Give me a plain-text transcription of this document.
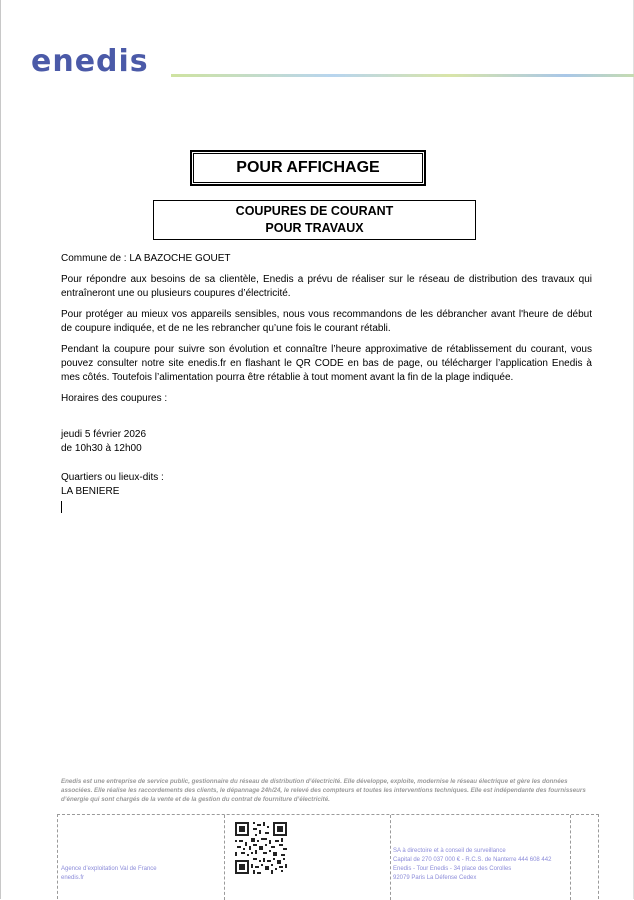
enedis
POUR AFFICHAGE
COUPURES DE COURANT
POUR TRAVAUX

Commune de : LA BAZOCHE GOUET

Pour répondre aux besoins de sa clientèle, Enedis a prévu de réaliser sur le réseau de distribution des travaux qui entraîneront une ou plusieurs coupures d’électricité.

Pour protéger au mieux vos appareils sensibles, nous vous recommandons de les débrancher avant l'heure de début de coupure indiquée, et de ne les rebrancher qu’une fois le courant rétabli.

Pendant la coupure pour suivre son évolution et connaître l’heure approximative de rétablissement du courant, vous pouvez consulter notre site enedis.fr en flashant le QR CODE en bas de page, ou télécharger l’application Enedis à mes côtés. Toutefois l’alimentation pourra être rétablie à tout moment avant la fin de la plage indiquée.

Horaires des coupures :

jeudi 5 février 2026

de 10h30 à 12h00

Quartiers ou lieux-dits :

LA BENIERE

Enedis est une entreprise de service public, gestionnaire du réseau de distribution d’électricité. Elle développe, exploite, modernise le réseau électrique et gère les données associées. Elle réalise les raccordements des clients, le dépannage 24h/24, le relevé des compteurs et toutes les interventions techniques. Elle est indépendante des fournisseurs d’énergie qui sont chargés de la vente et de la gestion du contrat de fourniture d’électricité.
Agence d’exploitation Val de France
enedis.fr
SA à directoire et à conseil de surveillance
Capital de 270 037 000 € - R.C.S. de Nanterre 444 608 442
Enedis - Tour Enedis - 34 place des Corolles
92079 Paris La Défense Cedex
